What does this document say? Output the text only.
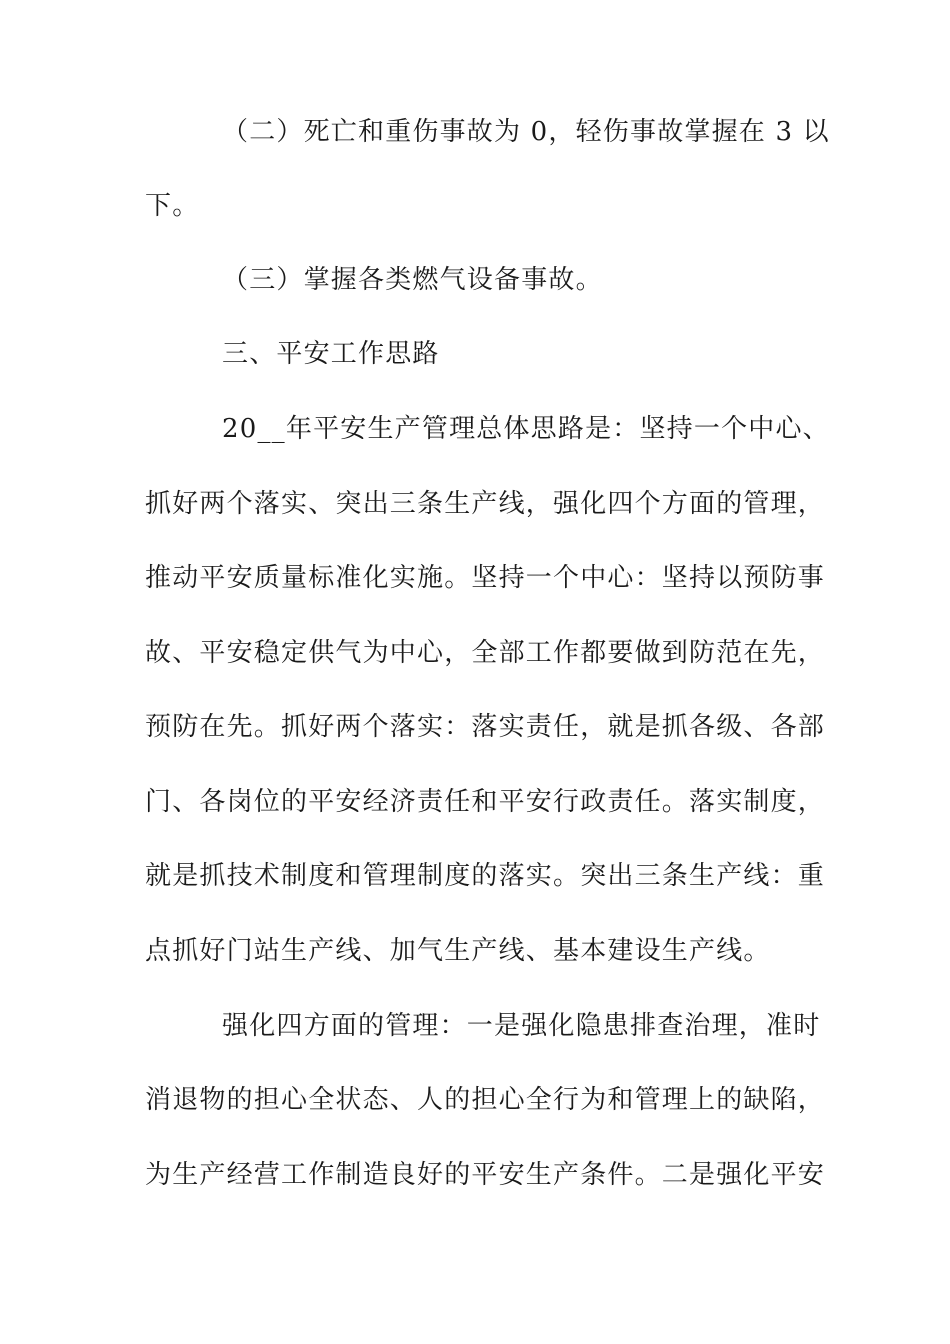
（二）死亡和重伤事故为 0，轻伤事故掌握在 3 以
下。
（三）掌握各类燃气设备事故。
三、平安工作思路
20__年平安生产管理总体思路是：坚持一个中心、
抓好两个落实、突出三条生产线，强化四个方面的管理，
推动平安质量标准化实施。坚持一个中心：坚持以预防事
故、平安稳定供气为中心，全部工作都要做到防范在先，
预防在先。抓好两个落实：落实责任，就是抓各级、各部
门、各岗位的平安经济责任和平安行政责任。落实制度，
就是抓技术制度和管理制度的落实。突出三条生产线：重
点抓好门站生产线、加气生产线、基本建设生产线。
强化四方面的管理：一是强化隐患排查治理，准时
消退物的担心全状态、人的担心全行为和管理上的缺陷，
为生产经营工作制造良好的平安生产条件。二是强化平安
